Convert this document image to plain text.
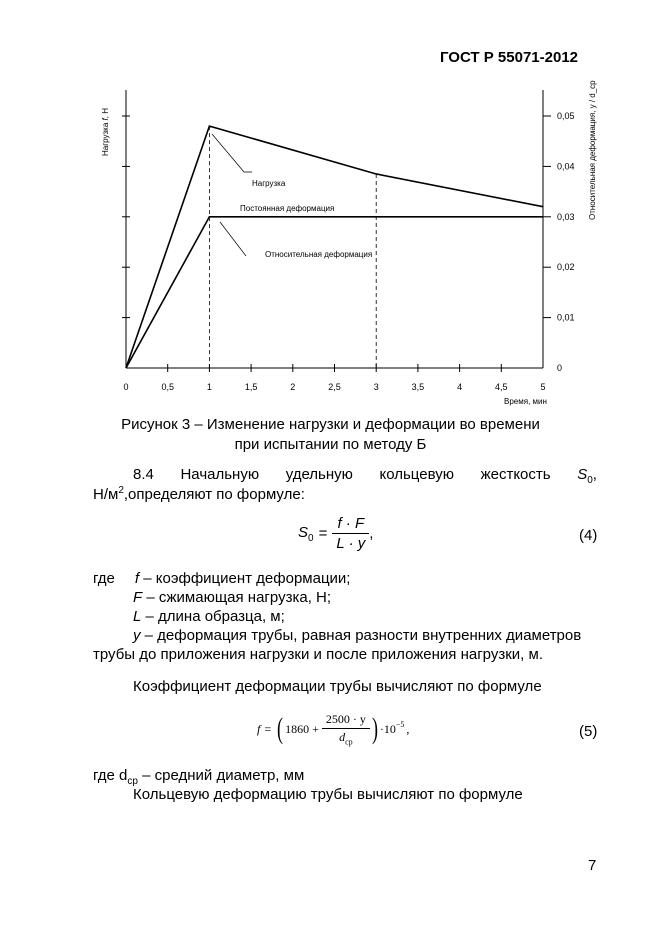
ГОСТ Р 55071-2012
0
0,01
0,02
0,03
0,04
0,05
0	0,5	1	1,5	2	2,5	3	3,5	4	4,5	5
Нагрузка
Постоянная деформация
Относительная деформация
Нагрузка f, Н	Относительная деформация, y / d_ср
Время, мин
Рисунок 3 – Изменение нагрузки и деформации во времени
при испытании по методу Б
8.4 Начальную удельную кольцевую жесткость $S_0$,
$Н/м^2,определяют$ по формуле:
$S_0 = \frac{f \cdot F}{L \cdot y}$ ,	(4)
где f – коэффициент деформации;
F – сжимающая нагрузка, Н;
L – длина образца, м;
y – деформация трубы, равная разности внутренних диаметров
трубы до приложения нагрузки и после приложения нагрузки, м.
Коэффициент деформации трубы вычисляют по формуле
f = ( $1860 + \frac{2500 \cdot y}{d_{ср}}$ ) $\cdot 10^{-5}$ ,	(5)
где $d_{cp}$ – средний диаметр, мм
Кольцевую деформацию трубы вычисляют по формуле
7
